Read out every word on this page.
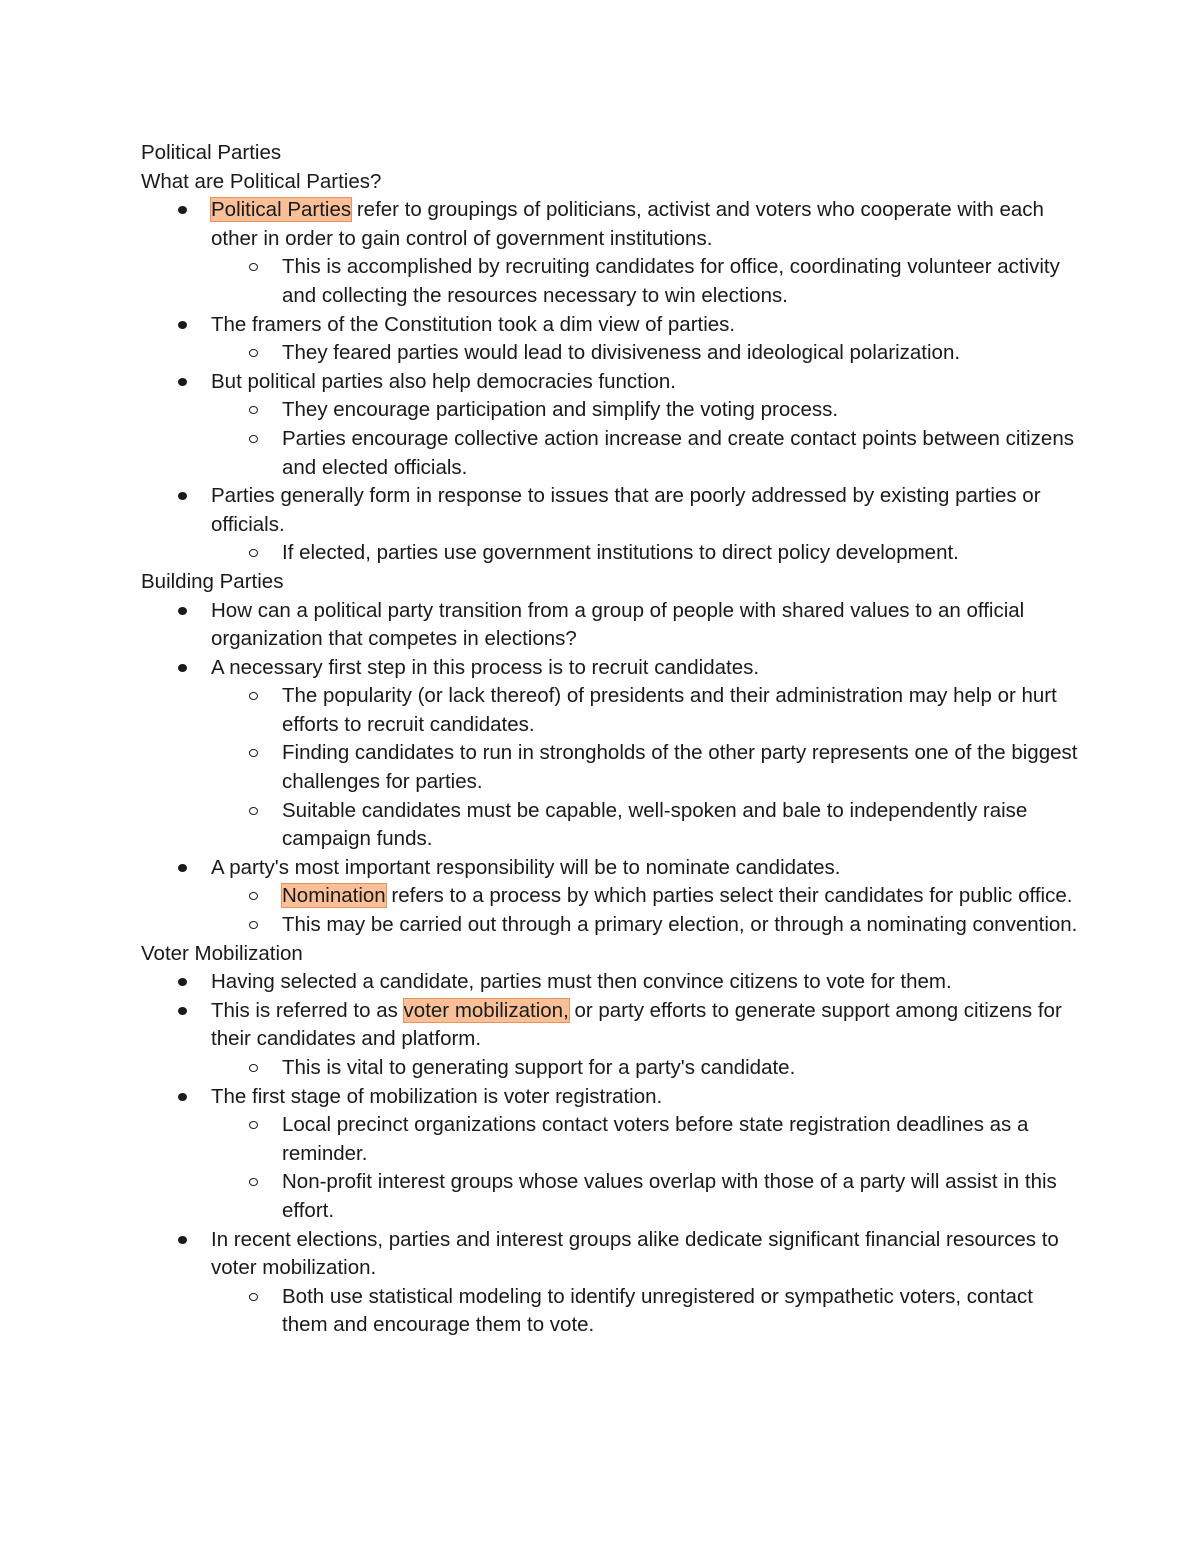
Political Parties

What are Political Parties?

Political Parties refer to groupings of politicians, activist and voters who cooperate with each other in order to gain control of government institutions.
This is accomplished by recruiting candidates for office, coordinating volunteer activity and collecting the resources necessary to win elections.
The framers of the Constitution took a dim view of parties.
They feared parties would lead to divisiveness and ideological polarization.
But political parties also help democracies function.
They encourage participation and simplify the voting process.
Parties encourage collective action increase and create contact points between citizens and elected officials.
Parties generally form in response to issues that are poorly addressed by existing parties or officials.
If elected, parties use government institutions to direct policy development.

Building Parties

How can a political party transition from a group of people with shared values to an official organization that competes in elections?
A necessary first step in this process is to recruit candidates.
The popularity (or lack thereof) of presidents and their administration may help or hurt efforts to recruit candidates.
Finding candidates to run in strongholds of the other party represents one of the biggest challenges for parties.
Suitable candidates must be capable, well-spoken and bale to independently raise campaign funds.
A party's most important responsibility will be to nominate candidates.
Nomination refers to a process by which parties select their candidates for public office.
This may be carried out through a primary election, or through a nominating convention.

Voter Mobilization

Having selected a candidate, parties must then convince citizens to vote for them.
This is referred to as voter mobilization, or party efforts to generate support among citizens for their candidates and platform.
This is vital to generating support for a party's candidate.
The first stage of mobilization is voter registration.
Local precinct organizations contact voters before state registration deadlines as a reminder.
Non-profit interest groups whose values overlap with those of a party will assist in this effort.
In recent elections, parties and interest groups alike dedicate significant financial resources to voter mobilization.
Both use statistical modeling to identify unregistered or sympathetic voters, contact them and encourage them to vote.
